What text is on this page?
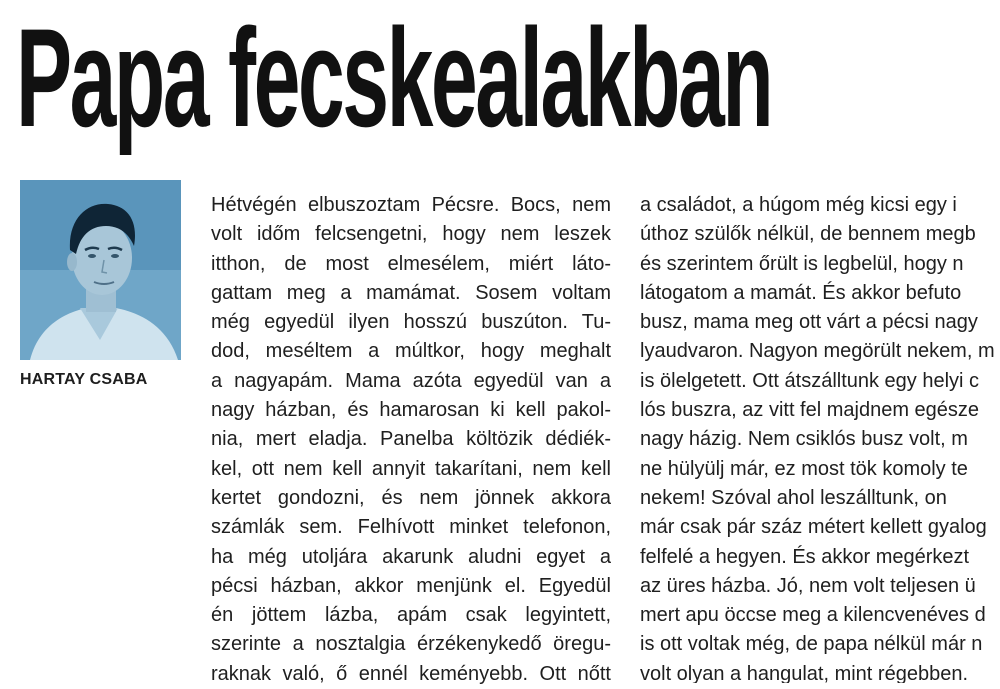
Papa fecskealakban
HARTAY CSABA
Hétvégén elbuszoztam Pécsre. Bocs, nem
volt időm felcsengetni, hogy nem leszek
itthon, de most elmesélem, miért láto-
gattam meg a mamámat. Sosem voltam
még egyedül ilyen hosszú buszúton. Tu-
dod, meséltem a múltkor, hogy meghalt
a nagyapám. Mama azóta egyedül van a
nagy házban, és hamarosan ki kell pakol-
nia, mert eladja. Panelba költözik dédiék-
kel, ott nem kell annyit takarítani, nem kell
kertet gondozni, és nem jönnek akkora
számlák sem. Felhívott minket telefonon,
ha még utoljára akarunk aludni egyet a
pécsi házban, akkor menjünk el. Egyedül
én jöttem lázba, apám csak legyintett,
szerinte a nosztalgia érzékenykedő öregu-
raknak való, ő ennél keményebb. Ott nőtt
a családot, a húgom még kicsi egy i
úthoz szülők nélkül, de bennem megb
és szerintem őrült is legbelül, hogy n
látogatom a mamát. És akkor befuto
busz, mama meg ott várt a pécsi nagy
lyaudvaron. Nagyon megörült nekem, m
is ölelgetett. Ott átszálltunk egy helyi c
lós buszra, az vitt fel majdnem egésze
nagy házig. Nem csiklós busz volt, m
ne hülyülj már, ez most tök komoly te
nekem! Szóval ahol leszálltunk, on
már csak pár száz métert kellett gyalog
felfelé a hegyen. És akkor megérkezt
az üres házba. Jó, nem volt teljesen ü
mert apu öccse meg a kilencvenéves d
is ott voltak még, de papa nélkül már n
volt olyan a hangulat, mint régebben.
